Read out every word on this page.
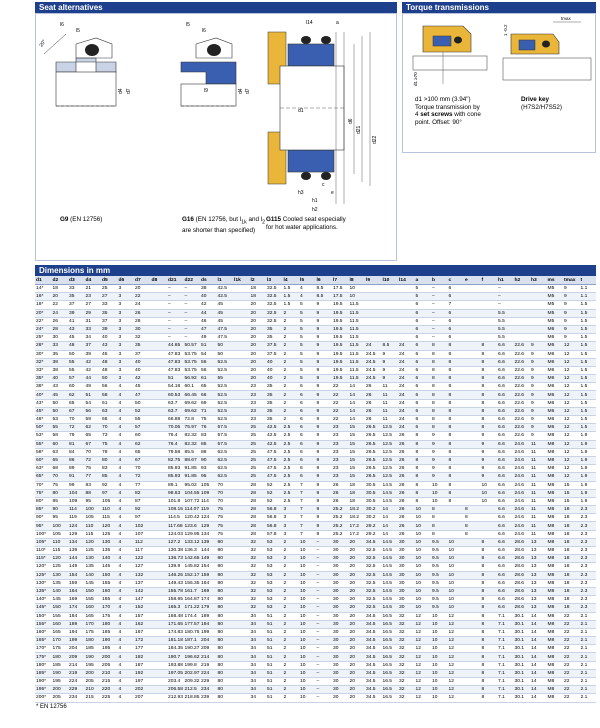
Seat alternatives
20°
l5
l6
d4 d7
l5
l6
l9	d4 d7
l14	a
d1
d6
d21
d22
h3
h1
h2
e
c
G9 (EN 12756)	G16 (EN 12756, but $l_{1k}$ and $l_2$ are shorter than specified)
G115 Cooled seat especially for hot water applications.
Torque transmissions
d1 ≥70
tmax
1 -0.2
d1 >100 mm (3.94")
Torque transmission by
4 set screws with cone
point. Offset: 90°
Drive key
(H7S2/H7S52)
Dimensions in mm
d1	d2	d3	d4	d5	d6	d7	d8	d21	d22	ds	l1	l1k	l2	l3	l4	l5	l6	l7	l8	l9	l10	l14	a	b	c	e	f	h1	h2	h3	ms	tmax	t
14*	18	33	21	25	3	20		–	–	38	42.5		18	32.5	1.5	4	8.5	17.5	10				5	–	6			–			M5	9	1.1
16*	20	35	23	27	3	22		–	–	40	42.5		18	32.5	1.5	4	8.5	17.5	10				5	–	6			–			M5	9	1.1
18*	22	37	27	33	3	24		–	–	42	45		20	32.5	1.5	5	9	19.5	11.5				6	–	7			–			M5	9	1.5
20*	24	39	29	35	3	26		–	–	44	45		20	32.5	2	5	9	19.5	11.5				6	–	6			5.5			M5	9	1.5
22*	26	41	31	37	3	28		–	–	46	45		20	32.5	2	5	9	19.5	11.5				6	–	6			5.5			M5	9	1.5
24*	28	43	33	39	3	30		–	–	47	47.5		20	35	2	5	9	19.5	11.5				6	–	6			5.5			M6	9	1.5
25*	30	45	34	40	3	32		–	–	49	47.5		20	35	2	5	9	19.5	11.5				6	–	6			5.5			M6	9	1.5
28*	33	48	37	43	3	35		44.65	50.57	51	50		20	37.5	2	5	9	19.5	11.5	24	8.5	24	6	8	8		8	6.6	22.6	9	M6	12	1.5
30*	35	50	39	45	3	37		47.83	53.75	54	50		20	37.5	2	5	9	19.5	11.5	24.5	9	24	6	8	8		8	6.6	22.6	9	M6	12	1.5
32*	38	55	42	48	3	40		47.83	53.75	56	52.5		20	40	2	5	9	19.5	11.5	24.5	9	24	6	8	8		8	6.6	22.6	9	M6	12	1.5
33*	38	55	42	48	3	40		47.83	53.75	56	52.5		20	40	2	5	9	19.5	11.5	24.5	9	24	6	8	8		8	6.6	22.6	9	M6	12	1.5
35*	40	57	44	50	3	42		51	56.92	61	55		20	40	2	5	9	19.5	11.5	24.5	9	24	6	8	8		8	6.6	22.6	9	M6	12	1.5
38*	43	60	49	56	4	45		54.18	60.1	65	52.5		23	35	2	6	9	22	14	26	11	24	6	8	8		8	6.6	22.6	9	M6	12	1.5
40*	45	62	51	58	4	47		60.53	66.45	66	52.5		23	35	2	6	9	22	14	26	11	24	6	8	8		8	6.6	22.6	9	M6	12	1.5
43*	50	65	54	61	4	50		63.7	69.62	69	52.5		23	35	2	6	9	22	14	26	11	24	6	8	8		8	6.6	22.6	9	M6	12	1.5
45*	50	67	56	63	4	52		63.7	69.62	71	52.5		23	35	2	6	9	22	14	26	11	24	6	8	8		8	6.6	22.6	9	M6	12	1.5
48*	53	70	59	66	4	55		66.88	72.8	75	52.5		23	35	2	6	9	22	14	26	11	24	6	8	8		8	6.6	22.6	9	M6	12	1.5
50*	55	72	62	70	4	57		70.05	75.97	76	57.5		25	42.5	2.5	6	9	23	15	26.5	12.5	24	6	8	8		8	6.6	22.6	9	M6	12	1.5
53*	58	79	65	73	4	60		76.4	82.32	83	57.5		25	42.5	2.5	6	9	23	15	26.5	12.5	26	8	9	8		9	6.6	22.6	9	M8	12	1.9
55*	60	81	67	75	4	62		76.4	82.32	85	57.5		25	42.5	2.5	6	9	23	15	26.5	12.5	26	8	9	8		9	6.6	24.6	11	M8	12	1.9
58*	63	84	70	78	4	65		79.58	85.5	88	62.5		25	47.5	2.5	6	9	23	15	26.5	12.5	26	8	9	8		9	6.6	24.6	11	M8	12	1.9
60*	65	86	72	80	4	67		82.75	88.67	90	62.5		25	47.5	2.5	6	9	23	15	26.5	12.5	26	8	9	8		9	6.6	24.6	11	M8	12	1.9
63*	68	89	75	83	4	70		85.93	91.85	93	62.5		25	47.5	2.5	6	9	23	15	26.5	12.5	26	8	9	8		9	6.6	24.6	11	M8	12	1.9
65*	70	91	77	85	4	72		85.93	91.85	95	62.5		25	47.5	2.5	6	9	23	15	26.5	12.5	26	8	9	8		9	6.6	24.6	11	M8	12	1.9
70*	75	99	83	92	4	77		89.1	95.02	105	70		28	52	2.5	7	9	26	18	30.5	14.5	26	8	10	8		10	6.6	24.6	11	M8	15	1.9
75*	80	104	88	97	4	82		98.63	104.55	109	70		28	52	2.5	7	9	26	18	30.5	14.5	26	8	10	8		10	6.6	24.6	11	M8	15	1.9
80*	85	109	95	105	4	87		101.8	107.72	114	70		28	52	2.5	7	9	26	18	30.5	14.5	26	8	10	8		10	6.6	24.6	11	M8	15	1.9
85*	90	114	100	110	4	92		108.15	114.07	119	75		28	56.8	3	7	9	25.2	18.2	30.2	14	26	10	8		8		6.6	24.6	11	M8	18	2.3
90*	95	119	105	115	4	97		114.5	120.42	124	75		28	56.8	3	7	9	25.2	18.2	30.2	14	26	10	8		8		6.6	24.6	11	M8	18	2.3
95*	100	124	110	120	4	102		117.68	123.6	129	75		28	56.8	3	7	9	25.2	17.2	29.2	14	26	10	8		8		6.6	24.6	11	M8	18	2.3
100*	105	129	115	125	4	107		124.03	129.95	134	75		28	57.8	3	7	9	25.2	17.2	29.2	14	26	10	8		8		6.6	24.6	11	M8	18	2.3
105*	110	134	120	130	4	112		127.2	133.12	139	80		32	53	2	10	–	30	20	34.5	14.5	30	10	9.5	10		8	6.6	28.6	13	M8	18	2.3
110*	115	139	125	135	4	117		130.38	136.3	144	80		32	53	2	10	–	30	20	32.5	14.5	30	10	9.5	10		8	6.6	28.6	13	M8	18	2.3
115*	120	144	130	140	4	122		136.73	142.65	149	80		32	53	2	10	–	30	20	32.5	14.5	30	10	9.5	10		8	6.6	28.6	13	M8	18	2.3
120*	125	149	135	145	4	127		139.9	145.82	154	80		32	53	2	10	–	30	20	32.5	14.5	30	10	9.5	10		8	6.6	28.6	13	M8	18	2.3
125*	130	154	140	150	4	132		146.25	152.17	159	80		32	53	2	10	–	30	20	32.5	14.5	30	10	9.5	10		8	6.6	28.6	13	M8	18	2.3
130*	135	159	145	155	4	137		149.43	155.35	164	80		32	53	2	10	–	30	20	32.5	14.5	30	10	9.5	10		8	6.6	28.6	13	M8	18	2.3
135*	140	164	150	160	4	142		155.78	161.7	169	80		32	53	2	10	–	30	20	32.5	14.5	30	10	9.5	10		8	6.6	28.6	13	M8	18	2.3
140*	145	169	155	165	4	147		158.95	164.87	174	80		32	53	2	10	–	30	20	32.5	14.5	30	10	9.5	10		8	6.6	28.6	13	M8	18	2.3
145*	150	174	160	170	4	152		165.3	171.22	179	80		32	53	2	10	–	30	20	32.5	14.5	30	10	9.5	10		8	6.6	28.6	13	M8	18	2.3
150*	155	184	165	175	4	157		168.48	174.4	189	80		34	51	2	10	–	30	20	34.5	16.5	32	12	10	12		8	7.1	30.1	14	M8	22	2.1
155*	160	189	170	180	4	162		171.65	177.57	194	80		34	51	2	10	–	30	20	34.5	16.5	32	12	10	12		8	7.1	30.1	14	M8	22	2.1
160*	165	194	175	185	4	167		174.83	180.75	199	80		34	51	2	10	–	30	20	34.5	16.5	32	12	10	12		8	7.1	30.1	14	M8	22	2.1
165*	170	199	180	190	4	172		181.18	187.1	204	80		34	51	2	10	–	30	20	34.5	16.5	32	12	10	12		8	7.1	30.1	14	M8	22	2.1
170*	175	204	185	195	4	177		184.35	190.27	209	80		34	51	2	10	–	30	20	34.5	16.5	32	12	10	12		8	7.1	30.1	14	M8	22	2.1
175*	180	209	190	200	4	182		190.7	196.62	214	80		34	51	2	10	–	30	20	34.5	16.5	32	12	10	12		8	7.1	30.1	14	M8	22	2.1
180*	185	214	195	205	4	187		193.88	199.8	219	80		34	51	2	10	–	30	20	34.5	16.5	32	12	10	12		8	7.1	30.1	14	M8	22	2.1
185*	190	219	200	210	4	192		197.05	202.97	224	80		34	51	2	10	–	30	20	34.5	16.5	32	12	10	12		8	7.1	30.1	14	M8	22	2.1
190*	195	224	205	215	4	197		203.4	209.32	229	80		34	51	2	10	–	30	20	34.5	16.5	32	12	10	12		8	7.1	30.1	14	M8	22	2.1
195*	200	229	210	220	4	202		206.58	212.5	234	80		34	51	2	10	–	30	20	34.5	16.5	32	12	10	12		8	7.1	30.1	14	M8	22	2.1
200*	205	234	215	225	4	207		212.93	218.85	239	80		34	51	2	10	–	30	20	34.5	16.5	32	12	10	12		8	7.1	30.1	14	M8	22	2.1
* EN 12756
